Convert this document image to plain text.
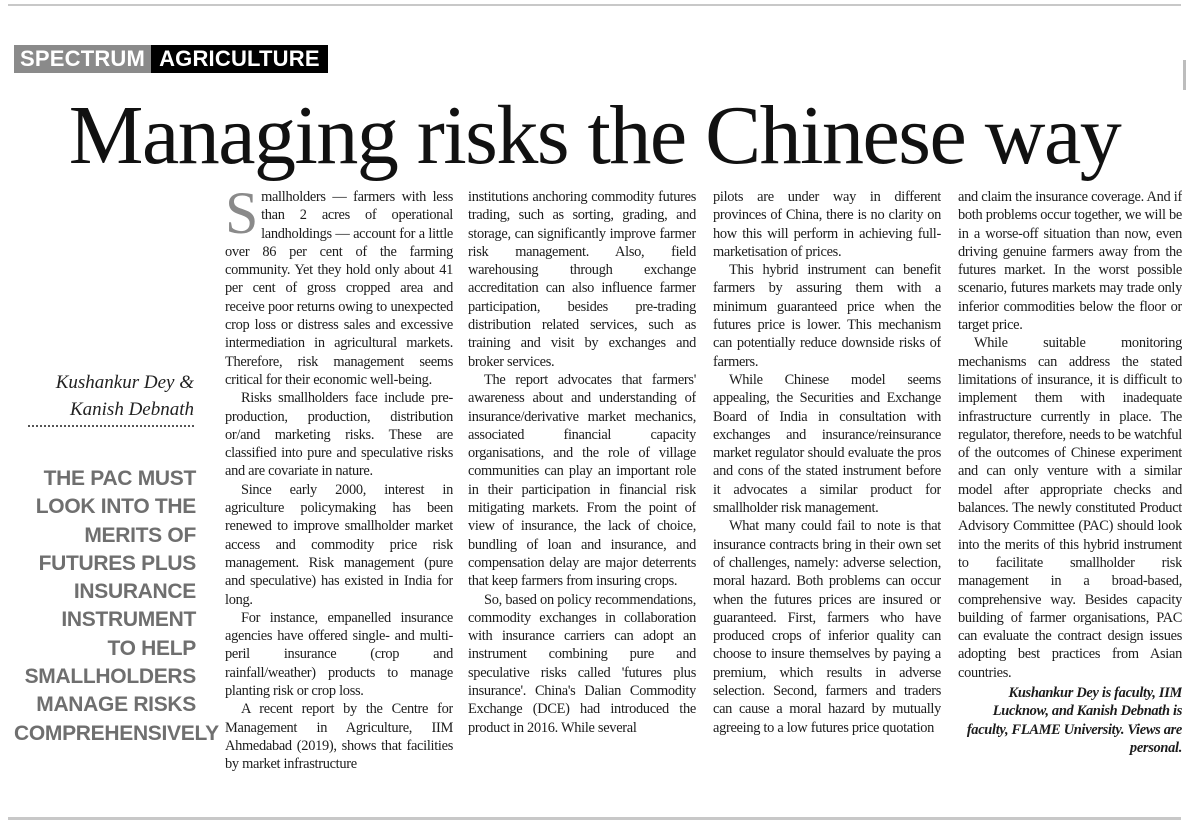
SPECTRUM AGRICULTURE
Managing risks the Chinese way
Kushankur Dey &
Kanish Debnath
THE PAC MUST
LOOK INTO THE
MERITS OF
FUTURES PLUS
INSURANCE
INSTRUMENT
TO HELP
SMALLHOLDERS
MANAGE RISKS
COMPREHENSIVELY

Smallholders — farmers with less than 2 acres of operational landholdings — account for a little over 86 per cent of the farming community. Yet they hold only about 41 per cent of gross cropped area and receive poor returns owing to unexpected crop loss or distress sales and excessive intermediation in agricultural markets. Therefore, risk management seems critical for their economic well-being.

Risks smallholders face include pre-production, production, distribution or/and marketing risks. These are classified into pure and speculative risks and are covariate in nature.

Since early 2000, interest in agriculture policymaking has been renewed to improve smallholder market access and commodity price risk management. Risk management (pure and speculative) has existed in India for long.

For instance, empanelled insurance agencies have offered single- and multi-peril insurance (crop and rainfall/weather) products to manage planting risk or crop loss.

A recent report by the Centre for Management in Agriculture, IIM Ahmedabad (2019), shows that facilities by market infrastructure

institutions anchoring commodity futures trading, such as sorting, grading, and storage, can significantly improve farmer risk management. Also, field warehousing through exchange accreditation can also influence farmer participation, besides pre-trading distribution related services, such as training and visit by exchanges and broker services.

The report advocates that farmers' awareness about and understanding of insurance/derivative market mechanics, associated financial capacity organisations, and the role of village communities can play an important role in their participation in financial risk mitigating markets. From the point of view of insurance, the lack of choice, bundling of loan and insurance, and compensation delay are major deterrents that keep farmers from insuring crops.

So, based on policy recommendations, commodity exchanges in collaboration with insurance carriers can adopt an instrument combining pure and speculative risks called 'futures plus insurance'. China's Dalian Commodity Exchange (DCE) had introduced the product in 2016. While several

pilots are under way in different provinces of China, there is no clarity on how this will perform in achieving full-marketisation of prices.

This hybrid instrument can benefit farmers by assuring them with a minimum guaranteed price when the futures price is lower. This mechanism can potentially reduce downside risks of farmers.

While Chinese model seems appealing, the Securities and Exchange Board of India in consultation with exchanges and insurance/reinsurance market regulator should evaluate the pros and cons of the stated instrument before it advocates a similar product for smallholder risk management.

What many could fail to note is that insurance contracts bring in their own set of challenges, namely: adverse selection, moral hazard. Both problems can occur when the futures prices are insured or guaranteed. First, farmers who have produced crops of inferior quality can choose to insure themselves by paying a premium, which results in adverse selection. Second, farmers and traders can cause a moral hazard by mutually agreeing to a low futures price quotation

and claim the insurance coverage. And if both problems occur together, we will be in a worse-off situation than now, even driving genuine farmers away from the futures market. In the worst possible scenario, futures markets may trade only inferior commodities below the floor or target price.

While suitable monitoring mechanisms can address the stated limitations of insurance, it is difficult to implement them with inadequate infrastructure currently in place. The regulator, therefore, needs to be watchful of the outcomes of Chinese experiment and can only venture with a similar model after appropriate checks and balances. The newly constituted Product Advisory Committee (PAC) should look into the merits of this hybrid instrument to facilitate smallholder risk management in a broad-based, comprehensive way. Besides capacity building of farmer organisations, PAC can evaluate the contract design issues adopting best practices from Asian countries.

Kushankur Dey is faculty, IIM Lucknow, and Kanish Debnath is faculty, FLAME University. Views are personal.
